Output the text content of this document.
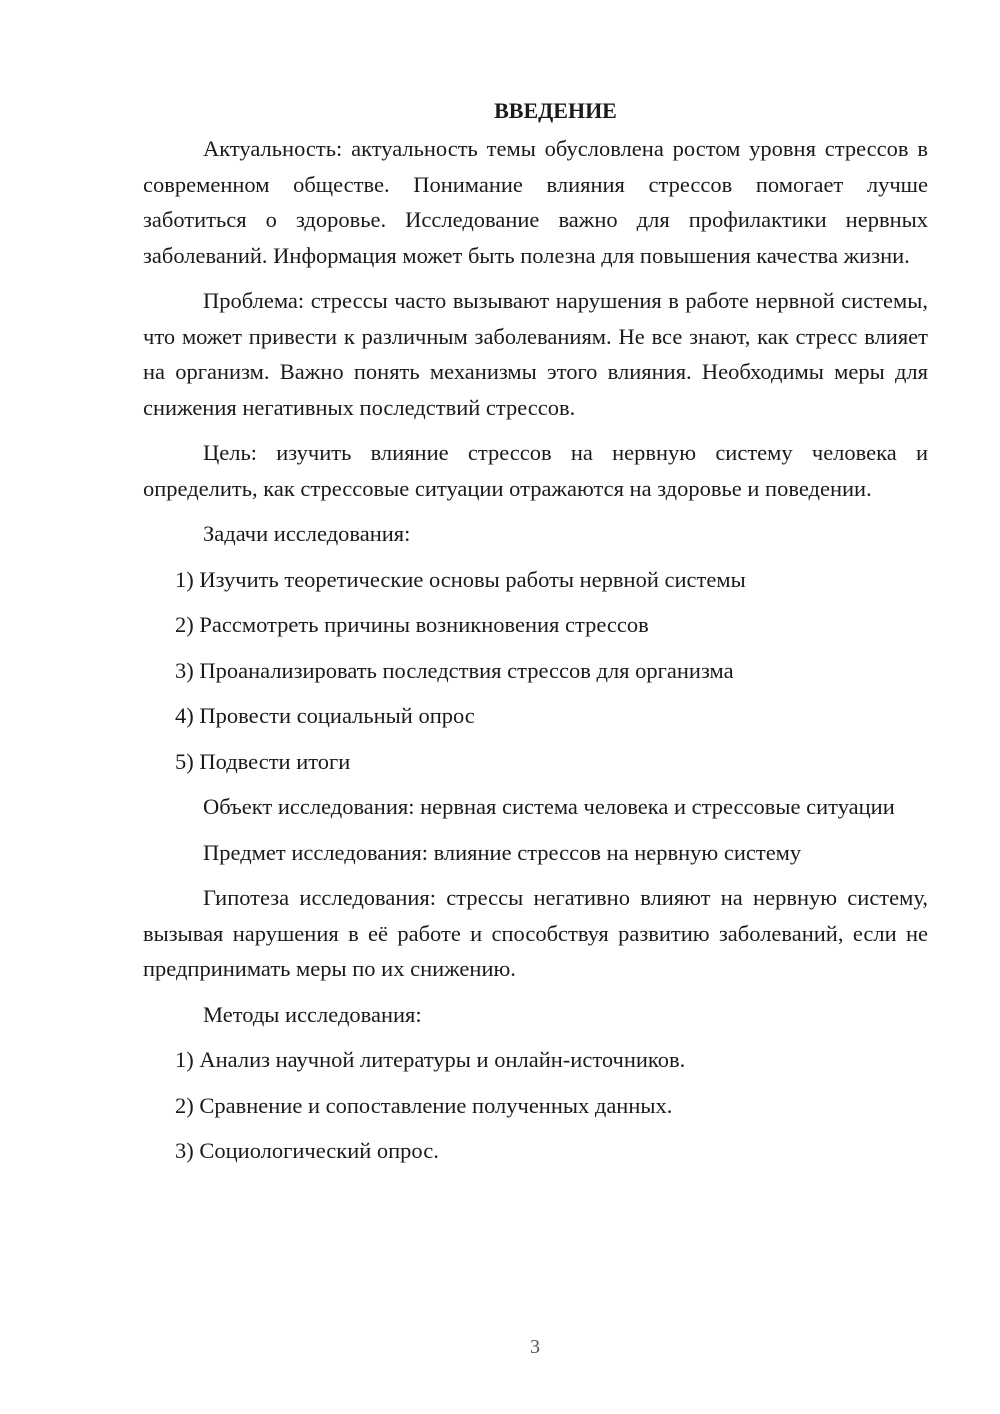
ВВЕДЕНИЕ

Актуальность: актуальность темы обусловлена ростом уровня стрессов в современном обществе. Понимание влияния стрессов помогает лучше заботиться о здоровье. Исследование важно для профилактики нервных заболеваний. Информация может быть полезна для повышения качества жизни.

Проблема: стрессы часто вызывают нарушения в работе нервной системы, что может привести к различным заболеваниям. Не все знают, как стресс влияет на организм. Важно понять механизмы этого влияния. Необходимы меры для снижения негативных последствий стрессов.

Цель: изучить влияние стрессов на нервную систему человека и определить, как стрессовые ситуации отражаются на здоровье и поведении.

Задачи исследования:
1) Изучить теоретические основы работы нервной системы
2) Рассмотреть причины возникновения стрессов
3) Проанализировать последствия стрессов для организма
4) Провести социальный опрос
5) Подвести итоги

Объект исследования: нервная система человека и стрессовые ситуации

Предмет исследования: влияние стрессов на нервную систему

Гипотеза исследования: стрессы негативно влияют на нервную систему, вызывая нарушения в её работе и способствуя развитию заболеваний, если не предпринимать меры по их снижению.

Методы исследования:
1) Анализ научной литературы и онлайн-источников.
2) Сравнение и сопоставление полученных данных.
3) Социологический опрос.
3
